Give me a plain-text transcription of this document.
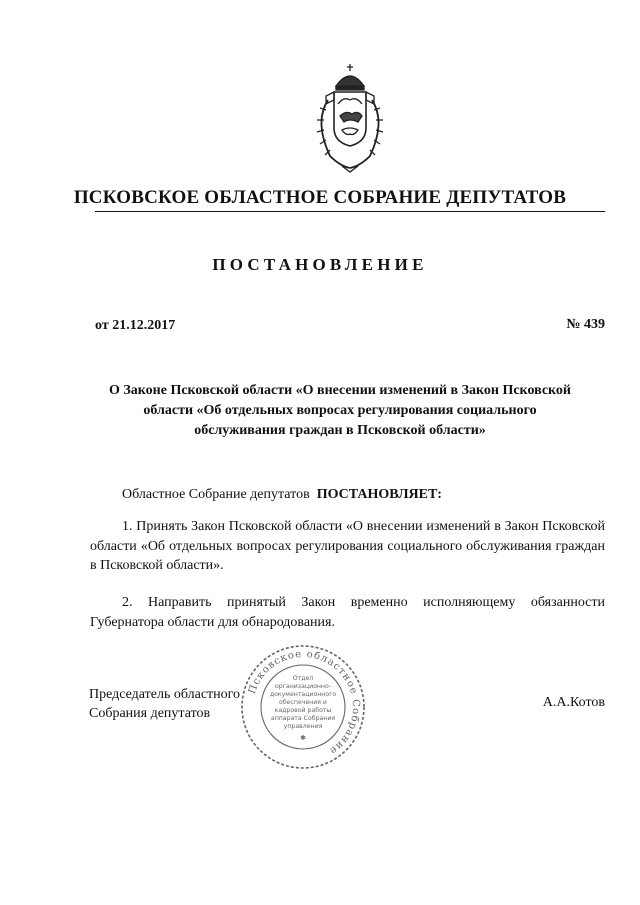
ПСКОВСКОЕ ОБЛАСТНОЕ СОБРАНИЕ ДЕПУТАТОВ
ПОСТАНОВЛЕНИЕ
от 21.12.2017	№ 439
О Законе Псковской области «О внесении изменений в Закон Псковской
области «Об отдельных вопросах регулирования социального
обслуживания граждан в Псковской области»
Областное Собрание депутатов ПОСТАНОВЛЯЕТ:
1. Принять Закон Псковской области «О внесении изменений в Закон Псковской области «Об отдельных вопросах регулирования социального обслуживания граждан в Псковской области».
2. Направить принятый Закон временно исполняющему обязанности Губернатора области для обнародования.
Председатель областного
Собрания депутатов
Псковское областное Собрание
Отдел
организационно-
документационного
обеспечения и
кадровой работы
аппарата Собрания
управления
✱
А.А.Котов
